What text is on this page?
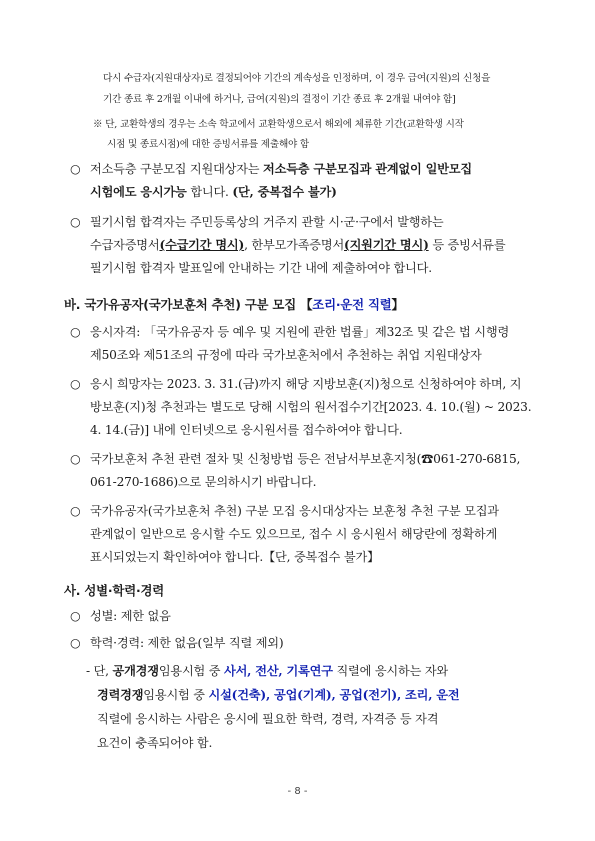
다시 수급자(지원대상자)로 결정되어야 기간의 계속성을 인정하며, 이 경우 급여(지원)의 신청을
기간 종료 후 2개월 이내에 하거나, 급여(지원)의 결정이 기간 종료 후 2개월 내여야 함]
※ 단, 교환학생의 경우는 소속 학교에서 교환학생으로서 해외에 체류한 기간(교환학생 시작
시점 및 종료시점)에 대한 증빙서류를 제출해야 함
○ 저소득층 구분모집 지원대상자는 저소득층 구분모집과 관계없이 일반모집
시험에도 응시가능 합니다. (단, 중복접수 불가)
○ 필기시험 합격자는 주민등록상의 거주지 관할 시·군·구에서 발행하는
수급자증명서(수급기간 명시), 한부모가족증명서(지원기간 명시) 등 증빙서류를
필기시험 합격자 발표일에 안내하는 기간 내에 제출하여야 합니다.
바. 국가유공자(국가보훈처 추천) 구분 모집 【조리·운전 직렬】
○ 응시자격: 「국가유공자 등 예우 및 지원에 관한 법률」제32조 및 같은 법 시행령
제50조와 제51조의 규정에 따라 국가보훈처에서 추천하는 취업 지원대상자
○ 응시 희망자는 2023. 3. 31.(금)까지 해당 지방보훈(지)청으로 신청하여야 하며, 지
방보훈(지)청 추천과는 별도로 당해 시험의 원서접수기간[2023. 4. 10.(월) ~ 2023.
4. 14.(금)] 내에 인터넷으로 응시원서를 접수하여야 합니다.
○ 국가보훈처 추천 관련 절차 및 신청방법 등은 전남서부보훈지청(☎061-270-6815,
061-270-1686)으로 문의하시기 바랍니다.
○ 국가유공자(국가보훈처 추천) 구분 모집 응시대상자는 보훈청 추천 구분 모집과
관계없이 일반으로 응시할 수도 있으므로, 접수 시 응시원서 해당란에 정확하게
표시되었는지 확인하여야 합니다.【단, 중복접수 불가】
사. 성별·학력·경력
○ 성별: 제한 없음
○ 학력·경력: 제한 없음(일부 직렬 제외)
- 단, 공개경쟁임용시험 중 사서, 전산, 기록연구 직렬에 응시하는 자와
경력경쟁임용시험 중 시설(건축), 공업(기계), 공업(전기), 조리, 운전
직렬에 응시하는 사람은 응시에 필요한 학력, 경력, 자격증 등 자격
요건이 충족되어야 함.
- 8 -
